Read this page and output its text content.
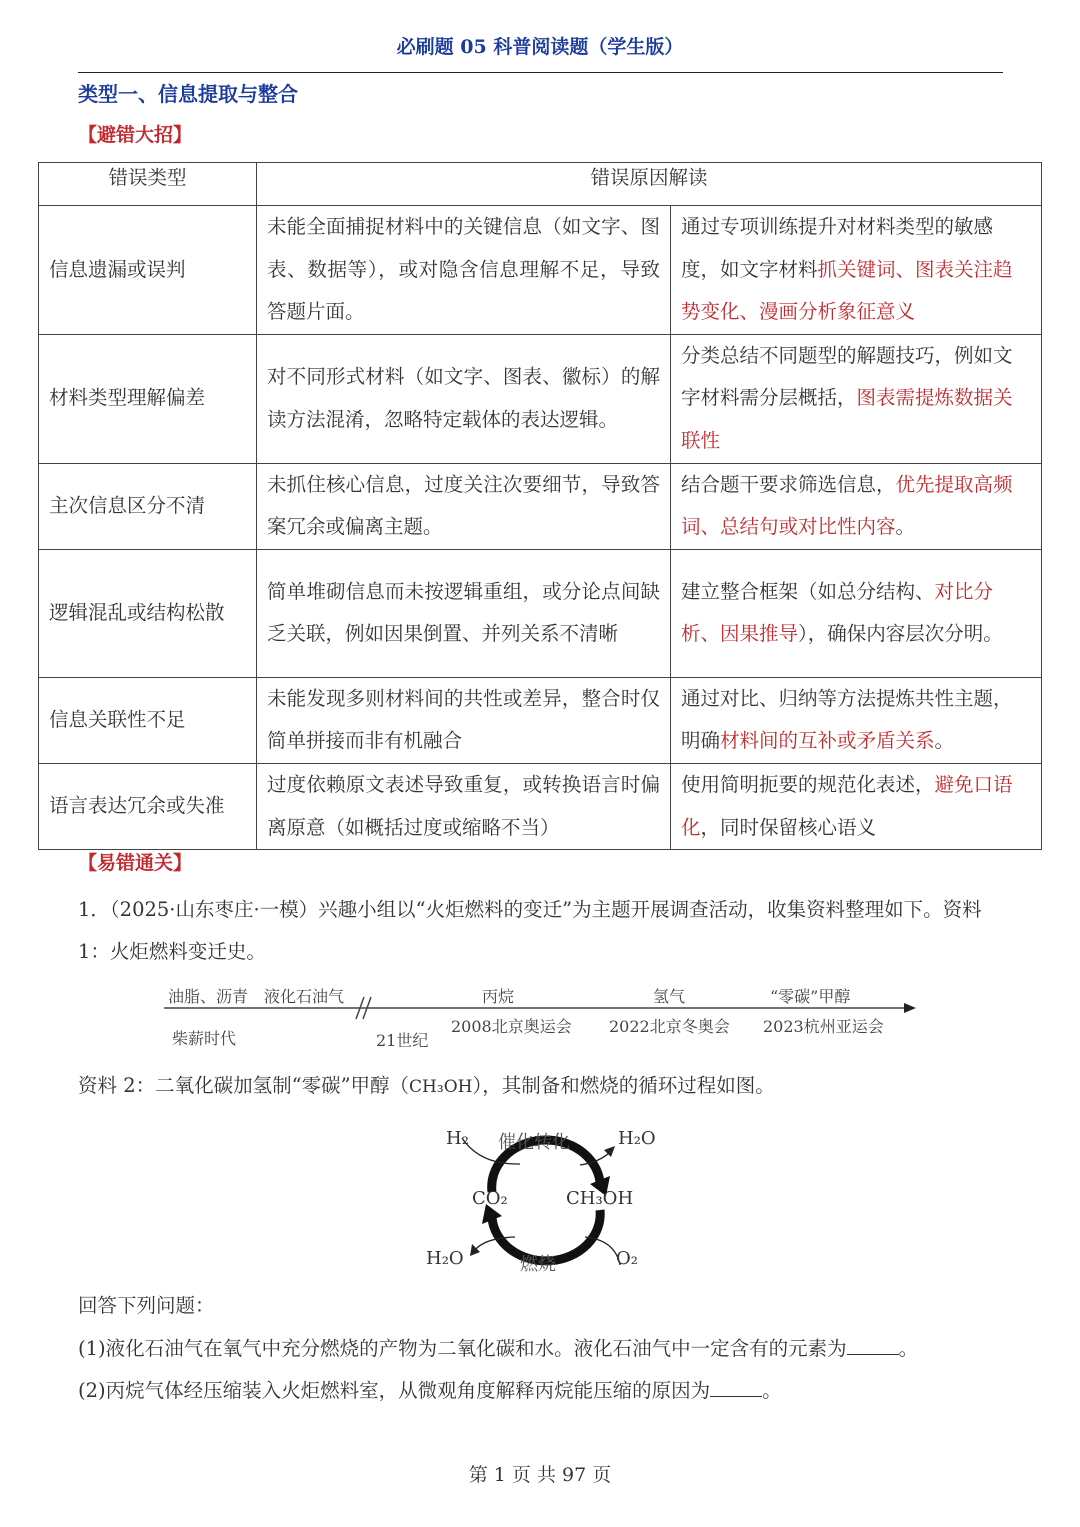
必刷题 05 科普阅读题（学生版）
类型一、信息提取与整合
【避错大招】
错误类型	错误原因解读	
信息遗漏或误判	未能全面捕捉材料中的关键信息（如文字、图表、数据等），或对隐含信息理解不足，导致答题片面。	通过专项训练提升对材料类型的敏感度，如文字材料抓关键词、图表关注趋势变化、漫画分析象征意义
材料类型理解偏差	对不同形式材料（如文字、图表、徽标）的解读方法混淆，忽略特定载体的表达逻辑。	分类总结不同题型的解题技巧，例如文字材料需分层概括，图表需提炼数据关联性
主次信息区分不清	未抓住核心信息，过度关注次要细节，导致答案冗余或偏离主题。	结合题干要求筛选信息，优先提取高频词、总结句或对比性内容。
逻辑混乱或结构松散	简单堆砌信息而未按逻辑重组，或分论点间缺乏关联，例如因果倒置、并列关系不清晰	建立整合框架（如总分结构、对比分析、因果推导），确保内容层次分明。
信息关联性不足	未能发现多则材料间的共性或差异，整合时仅简单拼接而非有机融合	通过对比、归纳等方法提炼共性主题，明确材料间的互补或矛盾关系。
语言表达冗余或失准	过度依赖原文表述导致重复，或转换语言时偏离原意（如概括过度或缩略不当）	使用简明扼要的规范化表述，避免口语化，同时保留核心语义
【易错通关】
1．（2025·山东枣庄·一模）兴趣小组以“火炬燃料的变迁”为主题开展调查活动，收集资料整理如下。资料 1：火炬燃料变迁史。
油脂、沥青 液化石油气	丙烷	氢气	“零碳”甲醇
柴薪时代	21世纪
2008北京奥运会 2022北京冬奥会 2023杭州亚运会
资料 2：二氧化碳加氢制“零碳”甲醇（CH₃OH），其制备和燃烧的循环过程如图。
H₂ 催化转化	H₂O
CO₂	CH₃OH
H₂O	燃烧	O₂
回答下列问题：
(1)液化石油气在氧气中充分燃烧的产物为二氧化碳和水。液化石油气中一定含有的元素为	。
(2)丙烷气体经压缩装入火炬燃料室，从微观角度解释丙烷能压缩的原因为	。
第 1 页 共 97 页
